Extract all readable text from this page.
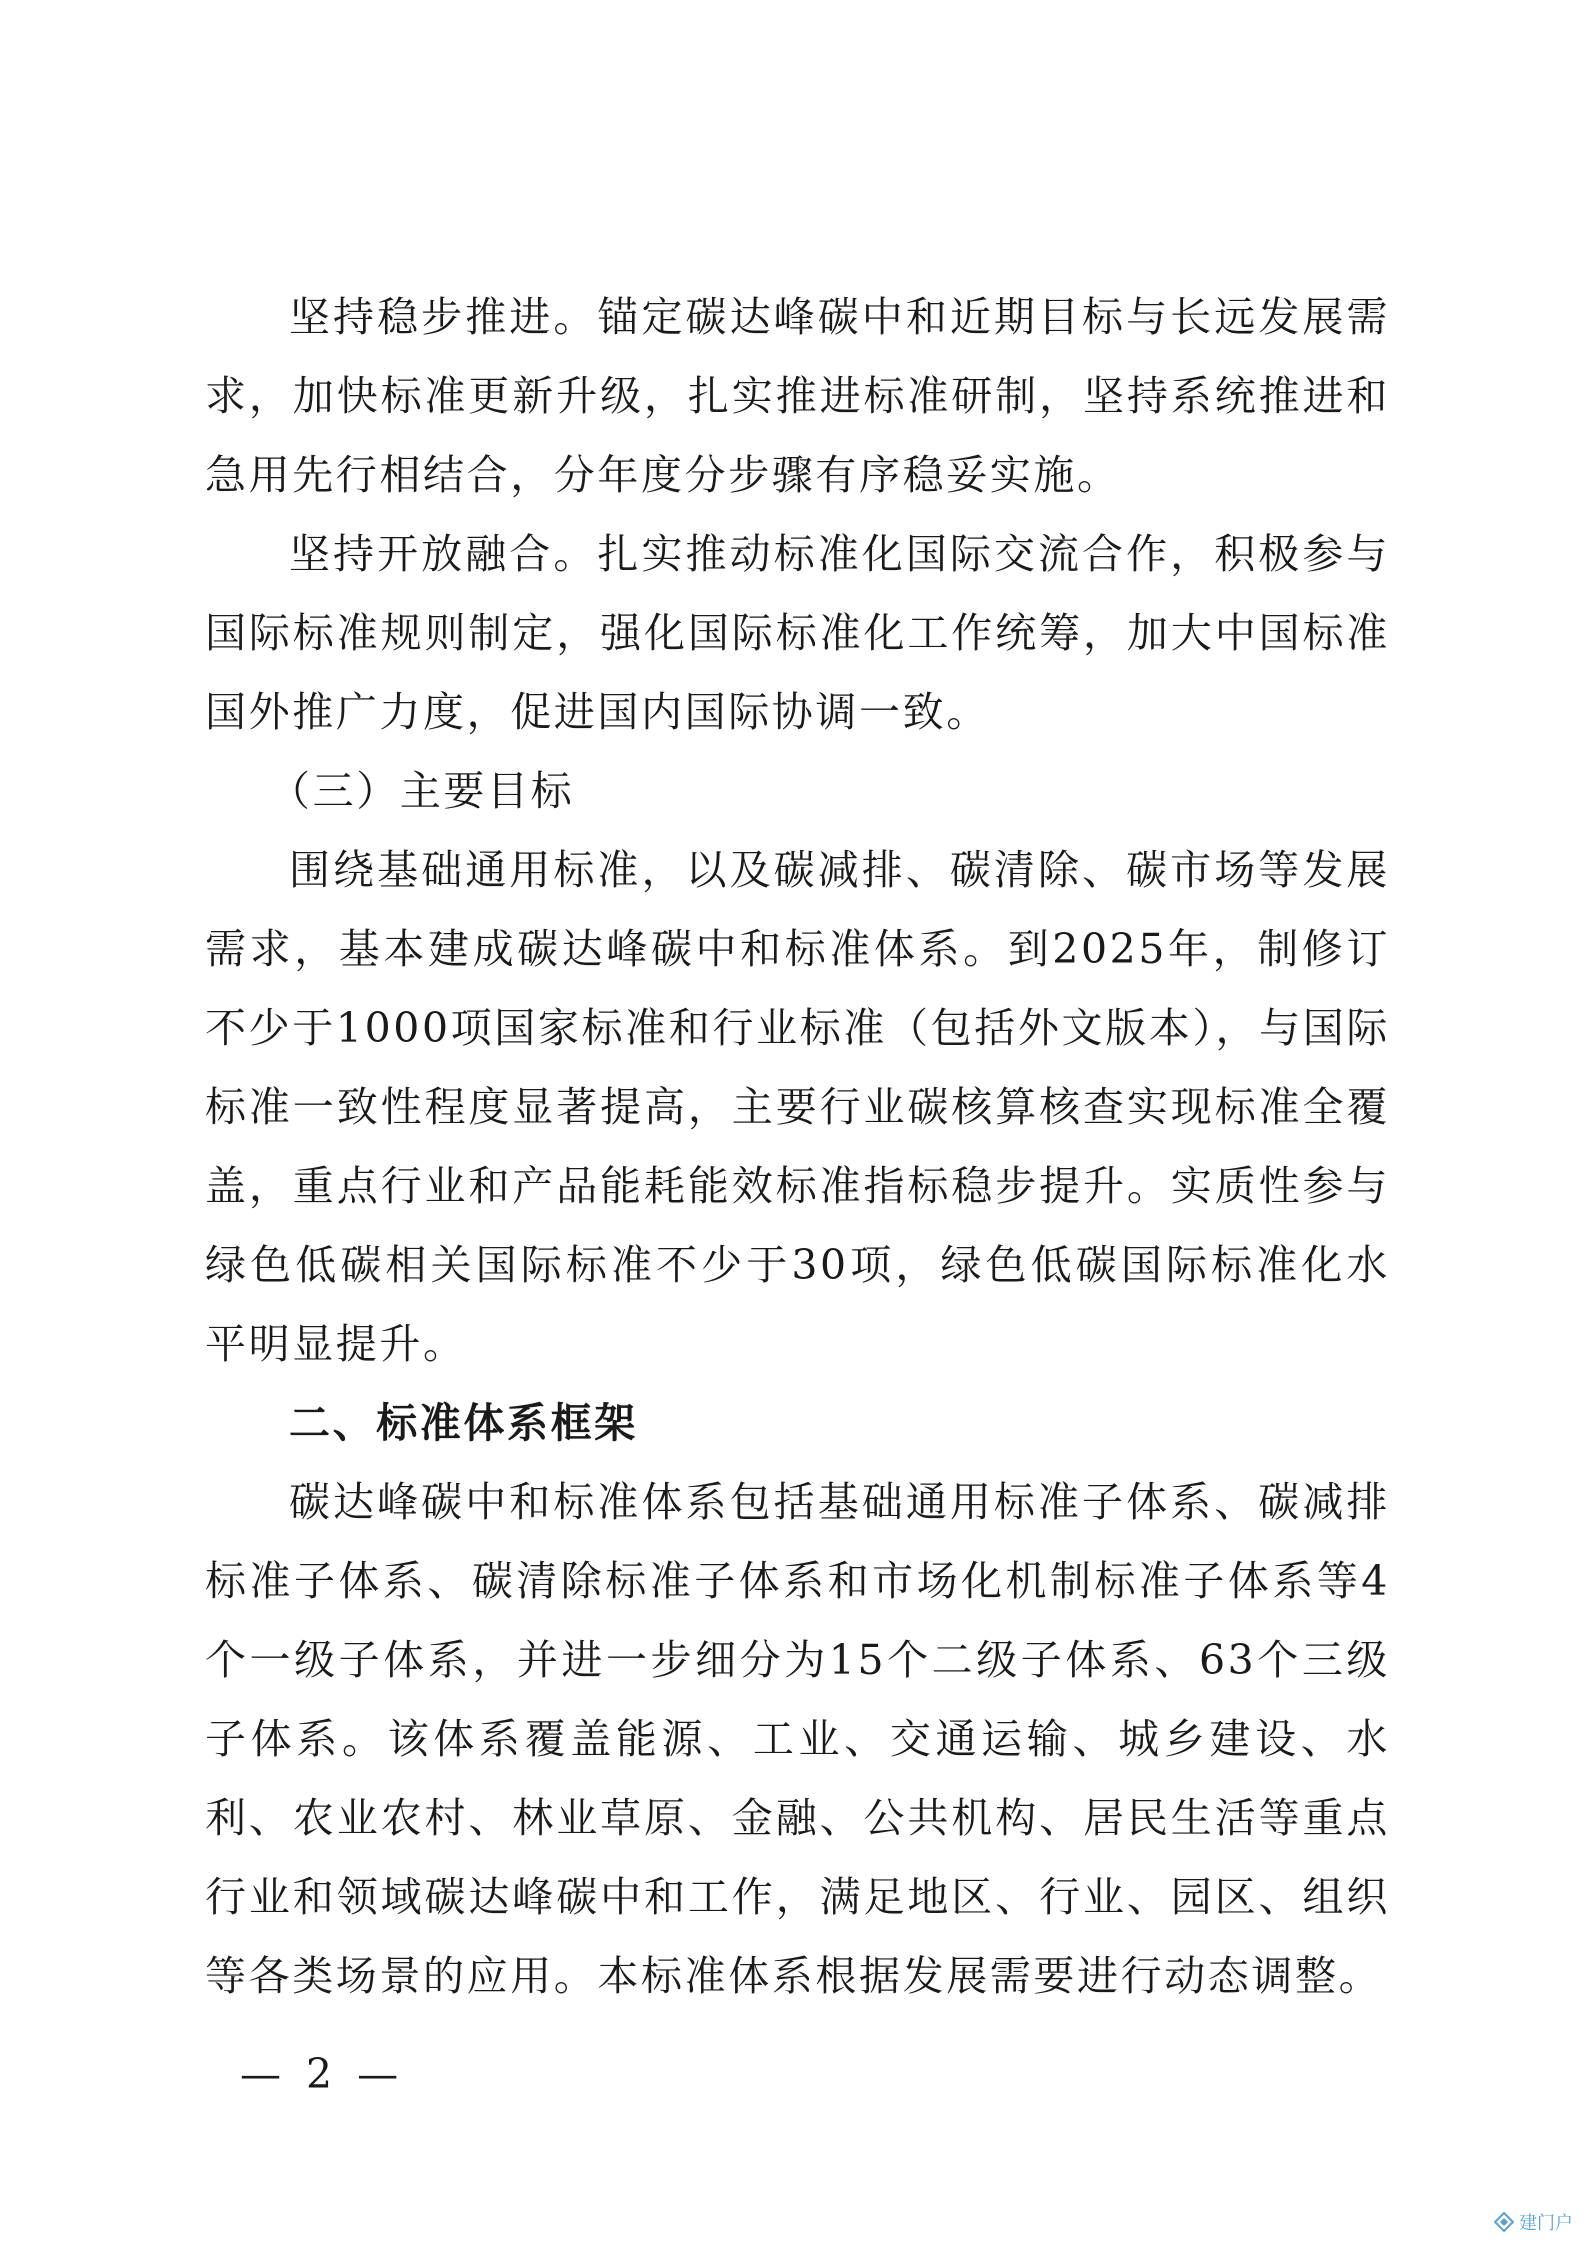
坚持稳步推进。锚定碳达峰碳中和近期目标与长远发展需求，加快标准更新升级，扎实推进标准研制，坚持系统推进和急用先行相结合，分年度分步骤有序稳妥实施。

坚持开放融合。扎实推动标准化国际交流合作，积极参与国际标准规则制定，强化国际标准化工作统筹，加大中国标准国外推广力度，促进国内国际协调一致。

（三）主要目标

围绕基础通用标准，以及碳减排、碳清除、碳市场等发展需求，基本建成碳达峰碳中和标准体系。到2025年，制修订不少于1000项国家标准和行业标准（包括外文版本），与国际标准一致性程度显著提高，主要行业碳核算核查实现标准全覆盖，重点行业和产品能耗能效标准指标稳步提升。实质性参与绿色低碳相关国际标准不少于30项，绿色低碳国际标准化水平明显提升。

二、标准体系框架

碳达峰碳中和标准体系包括基础通用标准子体系、碳减排标准子体系、碳清除标准子体系和市场化机制标准子体系等4个一级子体系，并进一步细分为15个二级子体系、63个三级子体系。该体系覆盖能源、工业、交通运输、城乡建设、水利、农业农村、林业草原、金融、公共机构、居民生活等重点行业和领域碳达峰碳中和工作，满足地区、行业、园区、组织等各类场景的应用。本标准体系根据发展需要进行动态调整。

— 2 —
建门户
